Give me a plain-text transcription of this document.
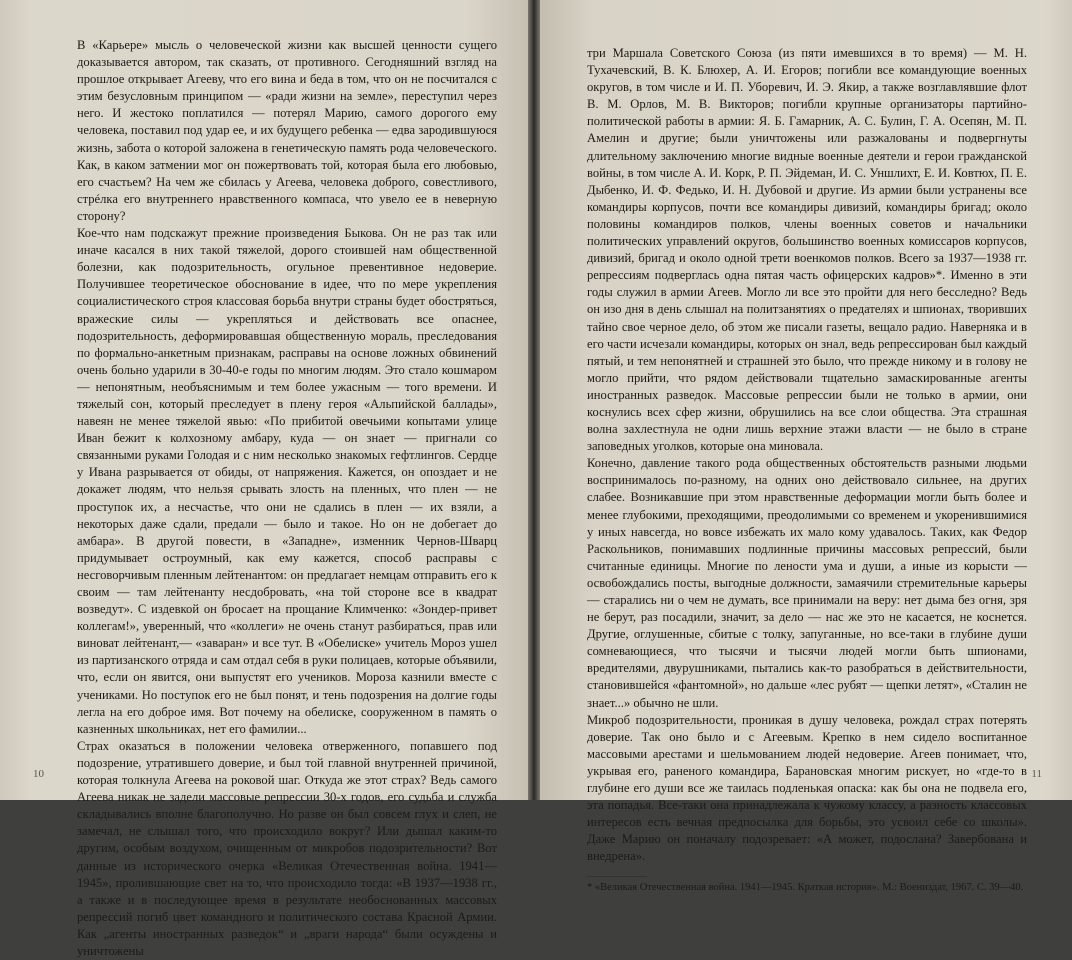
В «Карьере» мысль о человеческой жизни как высшей ценности сущего доказывается автором, так сказать, от противного. Сегодняшний взгляд на прошлое открывает Агееву, что его вина и беда в том, что он не посчитался с этим безусловным принципом — «ради жизни на земле», переступил через него. И жестоко поплатился — потерял Марию, самого дорогого ему человека, поставил под удар ее, и их будущего ребенка — едва зародившуюся жизнь, забота о которой заложена в генетическую память рода человеческого. Как, в каком затмении мог он пожертвовать той, которая была его любовью, его счастьем? На чем же сбилась у Агеева, человека доброго, совестливого, стрéлка его внутреннего нравственного компаса, что увело ее в неверную сторону?

Кое-что нам подскажут прежние произведения Быкова. Он не раз так или иначе касался в них такой тяжелой, дорого стоившей нам общественной болезни, как подозрительность, огульное превентивное недоверие. Получившее теоретическое обоснование в идее, что по мере укрепления социалистического строя классовая борьба внутри страны будет обостряться, вражеские силы — укрепляться и действовать все опаснее, подозрительность, деформировавшая общественную мораль, преследования по формально-анкетным признакам, расправы на основе ложных обвинений очень больно ударили в 30-40-е годы по многим людям. Это стало кошмаром — непонятным, необъяснимым и тем более ужасным — того времени. И тяжелый сон, который преследует в плену героя «Альпийской баллады», навеян не менее тяжелой явью: «По прибитой овечьими копытами улице Иван бежит к колхозному амбару, куда — он знает — пригнали со связанными руками Голодая и с ним несколько знакомых гефтлингов. Сердце у Ивана разрывается от обиды, от напряжения. Кажется, он опоздает и не докажет людям, что нельзя срывать злость на пленных, что плен — не проступок их, а несчастье, что они не сдались в плен — их взяли, а некоторых даже сдали, предали — было и такое. Но он не добегает до амбара». В другой повести, в «Западне», изменник Чернов-Шварц придумывает остроумный, как ему кажется, способ расправы с несговорчивым пленным лейтенантом: он предлагает немцам отправить его к своим — там лейтенанту несдобровать, «на той стороне все в квадрат возведут». С издевкой он бросает на прощание Климченко: «Зондер-привет коллегам!», уверенный, что «коллеги» не очень станут разбираться, прав или виноват лейтенант,— «заваран» и все тут. В «Обелиске» учитель Мороз ушел из партизанского отряда и сам отдал себя в руки полицаев, которые объявили, что, если он явится, они выпустят его учеников. Мороза казнили вместе с учениками. Но поступок его не был понят, и тень подозрения на долгие годы легла на его доброе имя. Вот почему на обелиске, сооруженном в память о казненных школьниках, нет его фамилии...

Страх оказаться в положении человека отверженного, попавшего под подозрение, утратившего доверие, и был той главной внутренней причиной, которая толкнула Агеева на роковой шаг. Откуда же этот страх? Ведь самого Агеева никак не задели массовые репрессии 30-х годов, его судьба и служба складывались вполне благополучно. Но разве он был совсем глух и слеп, не замечал, не слышал того, что происходило вокруг? Или дышал каким-то другим, особым воздухом, очищенным от микробов подозрительности? Вот данные из исторического очерка «Великая Отечественная война. 1941—1945», пролившающие свет на то, что происходило тогда: «В 1937—1938 гг., а также и в последующее время в результате необоснованных массовых репрессий погиб цвет командного и политического состава Красной Армии. Как „агенты иностранных разведок“ и „враги народа“ были осуждены и уничтожены

10

три Маршала Советского Союза (из пяти имевшихся в то время) — М. Н. Тухачевский, В. К. Блюхер, А. И. Егоров; погибли все командующие военных округов, в том числе и И. П. Уборевич, И. Э. Якир, а также возглавлявшие флот В. М. Орлов, М. В. Викторов; погибли крупные организаторы партийно-политической работы в армии: Я. Б. Гамарник, А. С. Булин, Г. А. Осепян, М. П. Амелин и другие; были уничтожены или разжалованы и подвергнуты длительному заключению многие видные военные деятели и герои гражданской войны, в том числе А. И. Корк, Р. П. Эйдеман, И. С. Уншлихт, Е. И. Ковтюх, П. Е. Дыбенко, И. Ф. Федько, И. Н. Дубовой и другие. Из армии были устранены все командиры корпусов, почти все командиры дивизий, командиры бригад; около половины командиров полков, члены военных советов и начальники политических управлений округов, большинство военных комиссаров корпусов, дивизий, бригад и около одной трети военкомов полков. Всего за 1937—1938 гг. репрессиям подверглась одна пятая часть офицерских кадров»*. Именно в эти годы служил в армии Агеев. Могло ли все это пройти для него бесследно? Ведь он изо дня в день слышал на политзанятиях о предателях и шпионах, творивших тайно свое черное дело, об этом же писали газеты, вещало радио. Наверняка и в его части исчезали командиры, которых он знал, ведь репрессирован был каждый пятый, и тем непонятней и страшней это было, что прежде никому и в голову не могло прийти, что рядом действовали тщательно замаскированные агенты иностранных разведок. Массовые репрессии были не только в армии, они коснулись всех сфер жизни, обрушились на все слои общества. Эта страшная волна захлестнула не одни лишь верхние этажи власти — не было в стране заповедных уголков, которые она миновала.

Конечно, давление такого рода общественных обстоятельств разными людьми воспринималось по-разному, на одних оно действовало сильнее, на других слабее. Возникавшие при этом нравственные деформации могли быть более и менее глубокими, преходящими, преодолимыми со временем и укоренившимися у иных навсегда, но вовсе избежать их мало кому удавалось. Таких, как Федор Раскольников, понимавших подлинные причины массовых репрессий, были считанные единицы. Многие по лености ума и души, а иные из корысти — освобождались посты, выгодные должности, замаячили стремительные карьеры — старались ни о чем не думать, все принимали на веру: нет дыма без огня, зря не берут, раз посадили, значит, за дело — нас же это не касается, не коснется. Другие, оглушенные, сбитые с толку, запуганные, но все-таки в глубине души сомневающиеся, что тысячи и тысячи людей могли быть шпионами, вредителями, двурушниками, пытались как-то разобраться в действительности, становившейся «фантомной», но дальше «лес рубят — щепки летят», «Сталин не знает...» обычно не шли.

Микроб подозрительности, проникая в душу человека, рождал страх потерять доверие. Так оно было и с Агеевым. Крепко в нем сидело воспитанное массовыми арестами и шельмованием людей недоверие. Агеев понимает, что, укрывая его, раненого командира, Барановская многим рискует, но «где-то в глубине его души все же таилась подленькая опаска: как бы она не подвела его, эта попадья. Все-таки она принадлежала к чужому классу, а разность классовых интересов есть вечная предпосылка для борьбы, это усвоил себе со школы». Даже Марию он поначалу подозревает: «А может, подослана? Завербована и внедрена».

* «Великая Отечественная война. 1941—1945. Краткая история». М.: Воениздат, 1967. С. 39—40.
11
